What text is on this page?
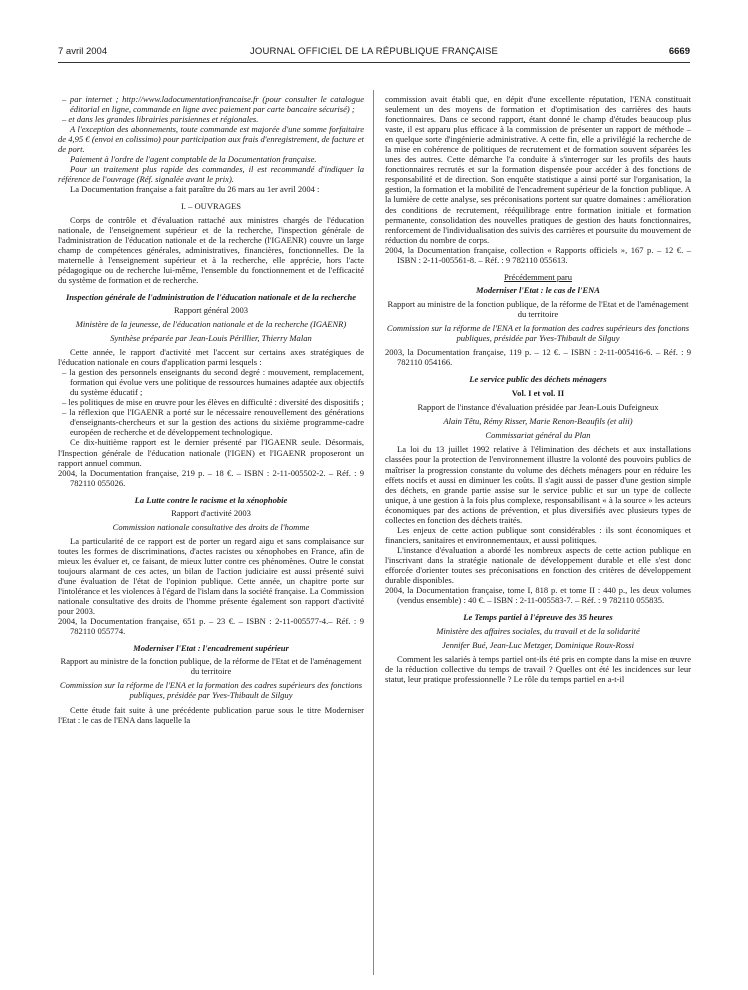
7 avril 2004	JOURNAL OFFICIEL DE LA RÉPUBLIQUE FRANÇAISE	6669

– par internet ; http://www.ladocumentationfrancaise.fr (pour consulter le catalogue éditorial en ligne, commande en ligne avec paiement par carte bancaire sécurisé) ;

– et dans les grandes librairies parisiennes et régionales.

A l'exception des abonnements, toute commande est majorée d'une somme forfaitaire de 4,95 € (envoi en colissimo) pour participation aux frais d'enregistrement, de facture et de port.

Paiement à l'ordre de l'agent comptable de la Documentation française.

Pour un traitement plus rapide des commandes, il est recommandé d'indiquer la référence de l'ouvrage (Réf. signalée avant le prix).

La Documentation française a fait paraître du 26 mars au 1er avril 2004 :

I. – OUVRAGES

Corps de contrôle et d'évaluation rattaché aux ministres chargés de l'éducation nationale, de l'enseignement supérieur et de la recherche, l'inspection générale de l'administration de l'éducation nationale et de la recherche (l'IGAENR) couvre un large champ de compétences générales, administratives, financières, fonctionnelles. De la maternelle à l'enseignement supérieur et à la recherche, elle apprécie, hors l'acte pédagogique ou de recherche lui-même, l'ensemble du fonctionnement et de l'efficacité du système de formation et de recherche.

Inspection générale de l'administration de l'éducation nationale et de la recherche

Rapport général 2003

Ministère de la jeunesse, de l'éducation nationale et de la recherche (IGAENR)

Synthèse préparée par Jean-Louis Périllier, Thierry Malan

Cette année, le rapport d'activité met l'accent sur certains axes stratégiques de l'éducation nationale en cours d'application parmi lesquels :

– la gestion des personnels enseignants du second degré : mouvement, remplacement, formation qui évolue vers une politique de ressources humaines adaptée aux objectifs du système éducatif ;

– les politiques de mise en œuvre pour les élèves en difficulté : diversité des dispositifs ;

– la réflexion que l'IGAENR a porté sur le nécessaire renouvellement des générations d'enseignants-chercheurs et sur la gestion des actions du sixième programme-cadre européen de recherche et de développement technologique.

Ce dix-huitième rapport est le dernier présenté par l'IGAENR seule. Désormais, l'Inspection générale de l'éducation nationale (l'IGEN) et l'IGAENR proposeront un rapport annuel commun.

2004, la Documentation française, 219 p. – 18 €. – ISBN : 2-11-005502-2. – Réf. : 9 782110 055026.

La Lutte contre le racisme et la xénophobie

Rapport d'activité 2003

Commission nationale consultative des droits de l'homme

La particularité de ce rapport est de porter un regard aigu et sans complaisance sur toutes les formes de discriminations, d'actes racistes ou xénophobes en France, afin de mieux les évaluer et, ce faisant, de mieux lutter contre ces phénomènes. Outre le constat toujours alarmant de ces actes, un bilan de l'action judiciaire est aussi présenté suivi d'une évaluation de l'état de l'opinion publique. Cette année, un chapitre porte sur l'intolérance et les violences à l'égard de l'islam dans la société française. La Commission nationale consultative des droits de l'homme présente également son rapport d'activité pour 2003.

2004, la Documentation française, 651 p. – 23 €. – ISBN : 2-11-005577-4.– Réf. : 9 782110 055774.

Moderniser l'Etat : l'encadrement supérieur

Rapport au ministre de la fonction publique, de la réforme de l'Etat et de l'aménagement du territoire

Commission sur la réforme de l'ENA et la formation des cadres supérieurs des fonctions publiques, présidée par Yves-Thibault de Silguy

Cette étude fait suite à une précédente publication parue sous le titre Moderniser l'Etat : le cas de l'ENA dans laquelle la

commission avait établi que, en dépit d'une excellente réputation, l'ENA constituait seulement un des moyens de formation et d'optimisation des carrières des hauts fonctionnaires. Dans ce second rapport, étant donné le champ d'études beaucoup plus vaste, il est apparu plus efficace à la commission de présenter un rapport de méthode – en quelque sorte d'ingénierie administrative. A cette fin, elle a privilégié la recherche de la mise en cohérence de politiques de recrutement et de formation souvent séparées les unes des autres. Cette démarche l'a conduite à s'interroger sur les profils des hauts fonctionnaires recrutés et sur la formation dispensée pour accéder à des fonctions de responsabilité et de direction. Son enquête statistique a ainsi porté sur l'organisation, la gestion, la formation et la mobilité de l'encadrement supérieur de la fonction publique. A la lumière de cette analyse, ses préconisations portent sur quatre domaines : amélioration des conditions de recrutement, rééquilibrage entre formation initiale et formation permanente, consolidation des nouvelles pratiques de gestion des hauts fonctionnaires, renforcement de l'individualisation des suivis des carrières et poursuite du mouvement de réduction du nombre de corps.

2004, la Documentation française, collection « Rapports officiels », 167 p. – 12 €. – ISBN : 2-11-005561-8. – Réf. : 9 782110 055613.

Précédemment paru

Moderniser l'Etat : le cas de l'ENA

Rapport au ministre de la fonction publique, de la réforme de l'Etat et de l'aménagement du territoire

Commission sur la réforme de l'ENA et la formation des cadres supérieurs des fonctions publiques, présidée par Yves-Thibault de Silguy

2003, la Documentation française, 119 p. – 12 €. – ISBN : 2-11-005416-6. – Réf. : 9 782110 054166.

Le service public des déchets ménagers

Vol. I et vol. II

Rapport de l'instance d'évaluation présidée par Jean-Louis Dufeigneux

Alain Têtu, Rémy Risser, Marie Renon-Beaufils (et alii)

Commissariat général du Plan

La loi du 13 juillet 1992 relative à l'élimination des déchets et aux installations classées pour la protection de l'environnement illustre la volonté des pouvoirs publics de maîtriser la progression constante du volume des déchets ménagers pour en réduire les effets nocifs et aussi en diminuer les coûts. Il s'agit aussi de passer d'une gestion simple des déchets, en grande partie assise sur le service public et sur un type de collecte unique, à une gestion à la fois plus complexe, responsabilisant « à la source » les acteurs économiques par des actions de prévention, et plus diversifiés avec plusieurs types de collectes en fonction des déchets traités.

Les enjeux de cette action publique sont considérables : ils sont économiques et financiers, sanitaires et environnementaux, et aussi politiques.

L'instance d'évaluation a abordé les nombreux aspects de cette action publique en l'inscrivant dans la stratégie nationale de développement durable et elle s'est donc efforcée d'orienter toutes ses préconisations en fonction des critères de développement durable disponibles.

2004, la Documentation française, tome I, 818 p. et tome II : 440 p., les deux volumes (vendus ensemble) : 40 €. – ISBN : 2-11-005583-7. – Réf. : 9 782110 055835.

Le Temps partiel à l'épreuve des 35 heures

Ministère des affaires sociales, du travail et de la solidarité

Jennifer Bué, Jean-Luc Metzger, Dominique Roux-Rossi

Comment les salariés à temps partiel ont-ils été pris en compte dans la mise en œuvre de la réduction collective du temps de travail ? Quelles ont été les incidences sur leur statut, leur pratique professionnelle ? Le rôle du temps partiel en a-t-il
